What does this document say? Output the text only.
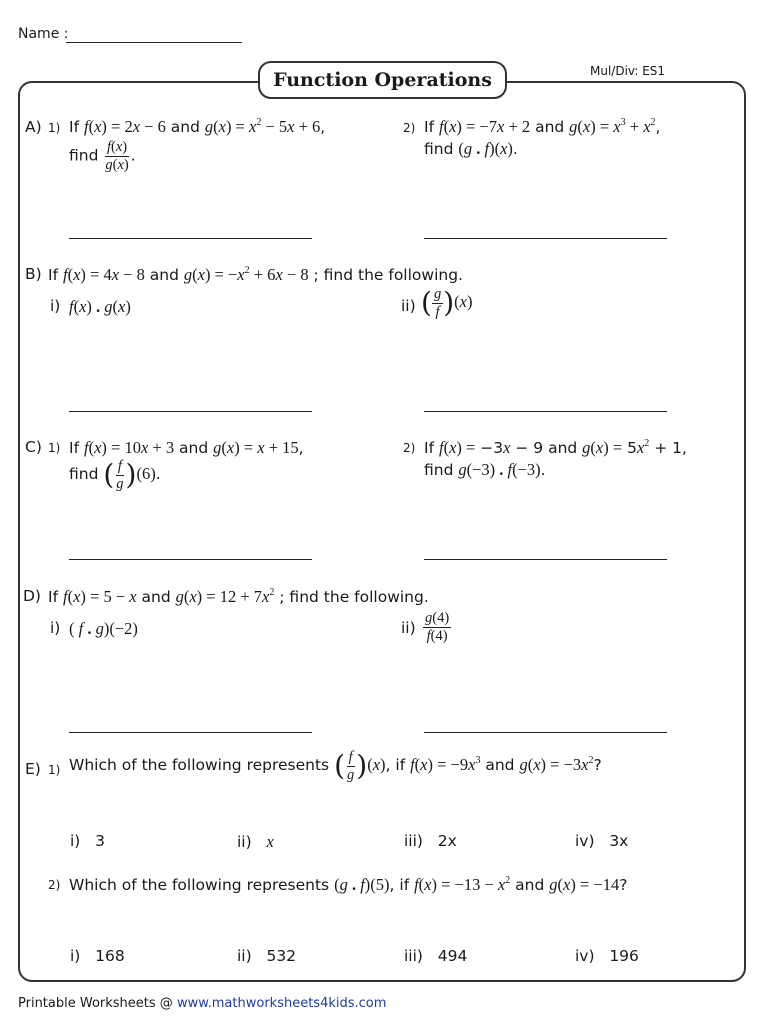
Name :
Mul/Div: ES1
Function Operations
A) 1) If f(x) = 2x − 6 and $g(x) = x^2 - 5x + 6$,
find $\frac{f(x)}{g(x)}$ .
2) If f(x) = −7x + 2 and $g(x) = x^3 + x^2$,
find (g . f)(x).
B) If f(x) = 4x − 8 and $g(x) = -x^2 + 6x - 8$ ; find the following.
i) f(x) . g(x)	ii) ( $\frac{g}{f} )(x)$
C) 1) If f(x) = 10x + 3 and g(x) = x + 15,
find ( $\frac{f}{g} )(6)$.
2) If f(x) = −3x − 9 and $g(x) = 5x^2 + 1$,
find g(−3) . f(−3).
D) If f(x) = 5 − x and $g(x) = 12 + 7x^2$ ; find the following.
i) ( f . g)(−2)	$ii) \frac{g(4)}{f(4)}$
E) 1) Which of the following represents ( $\frac{f}{g} )(x)$, if $f(x) = -9x^3$ and $g(x) = -3x^2$?
i) 3	ii) x	iii) 2x	iv) 3x
2) Which of the following represents (g . f)(5), if $f(x) = -13 - x^2$ and g(x) = −14?
i) 168	ii) 532	iii) 494	iv) 196
Printable Worksheets @ www.mathworksheets4kids.com
